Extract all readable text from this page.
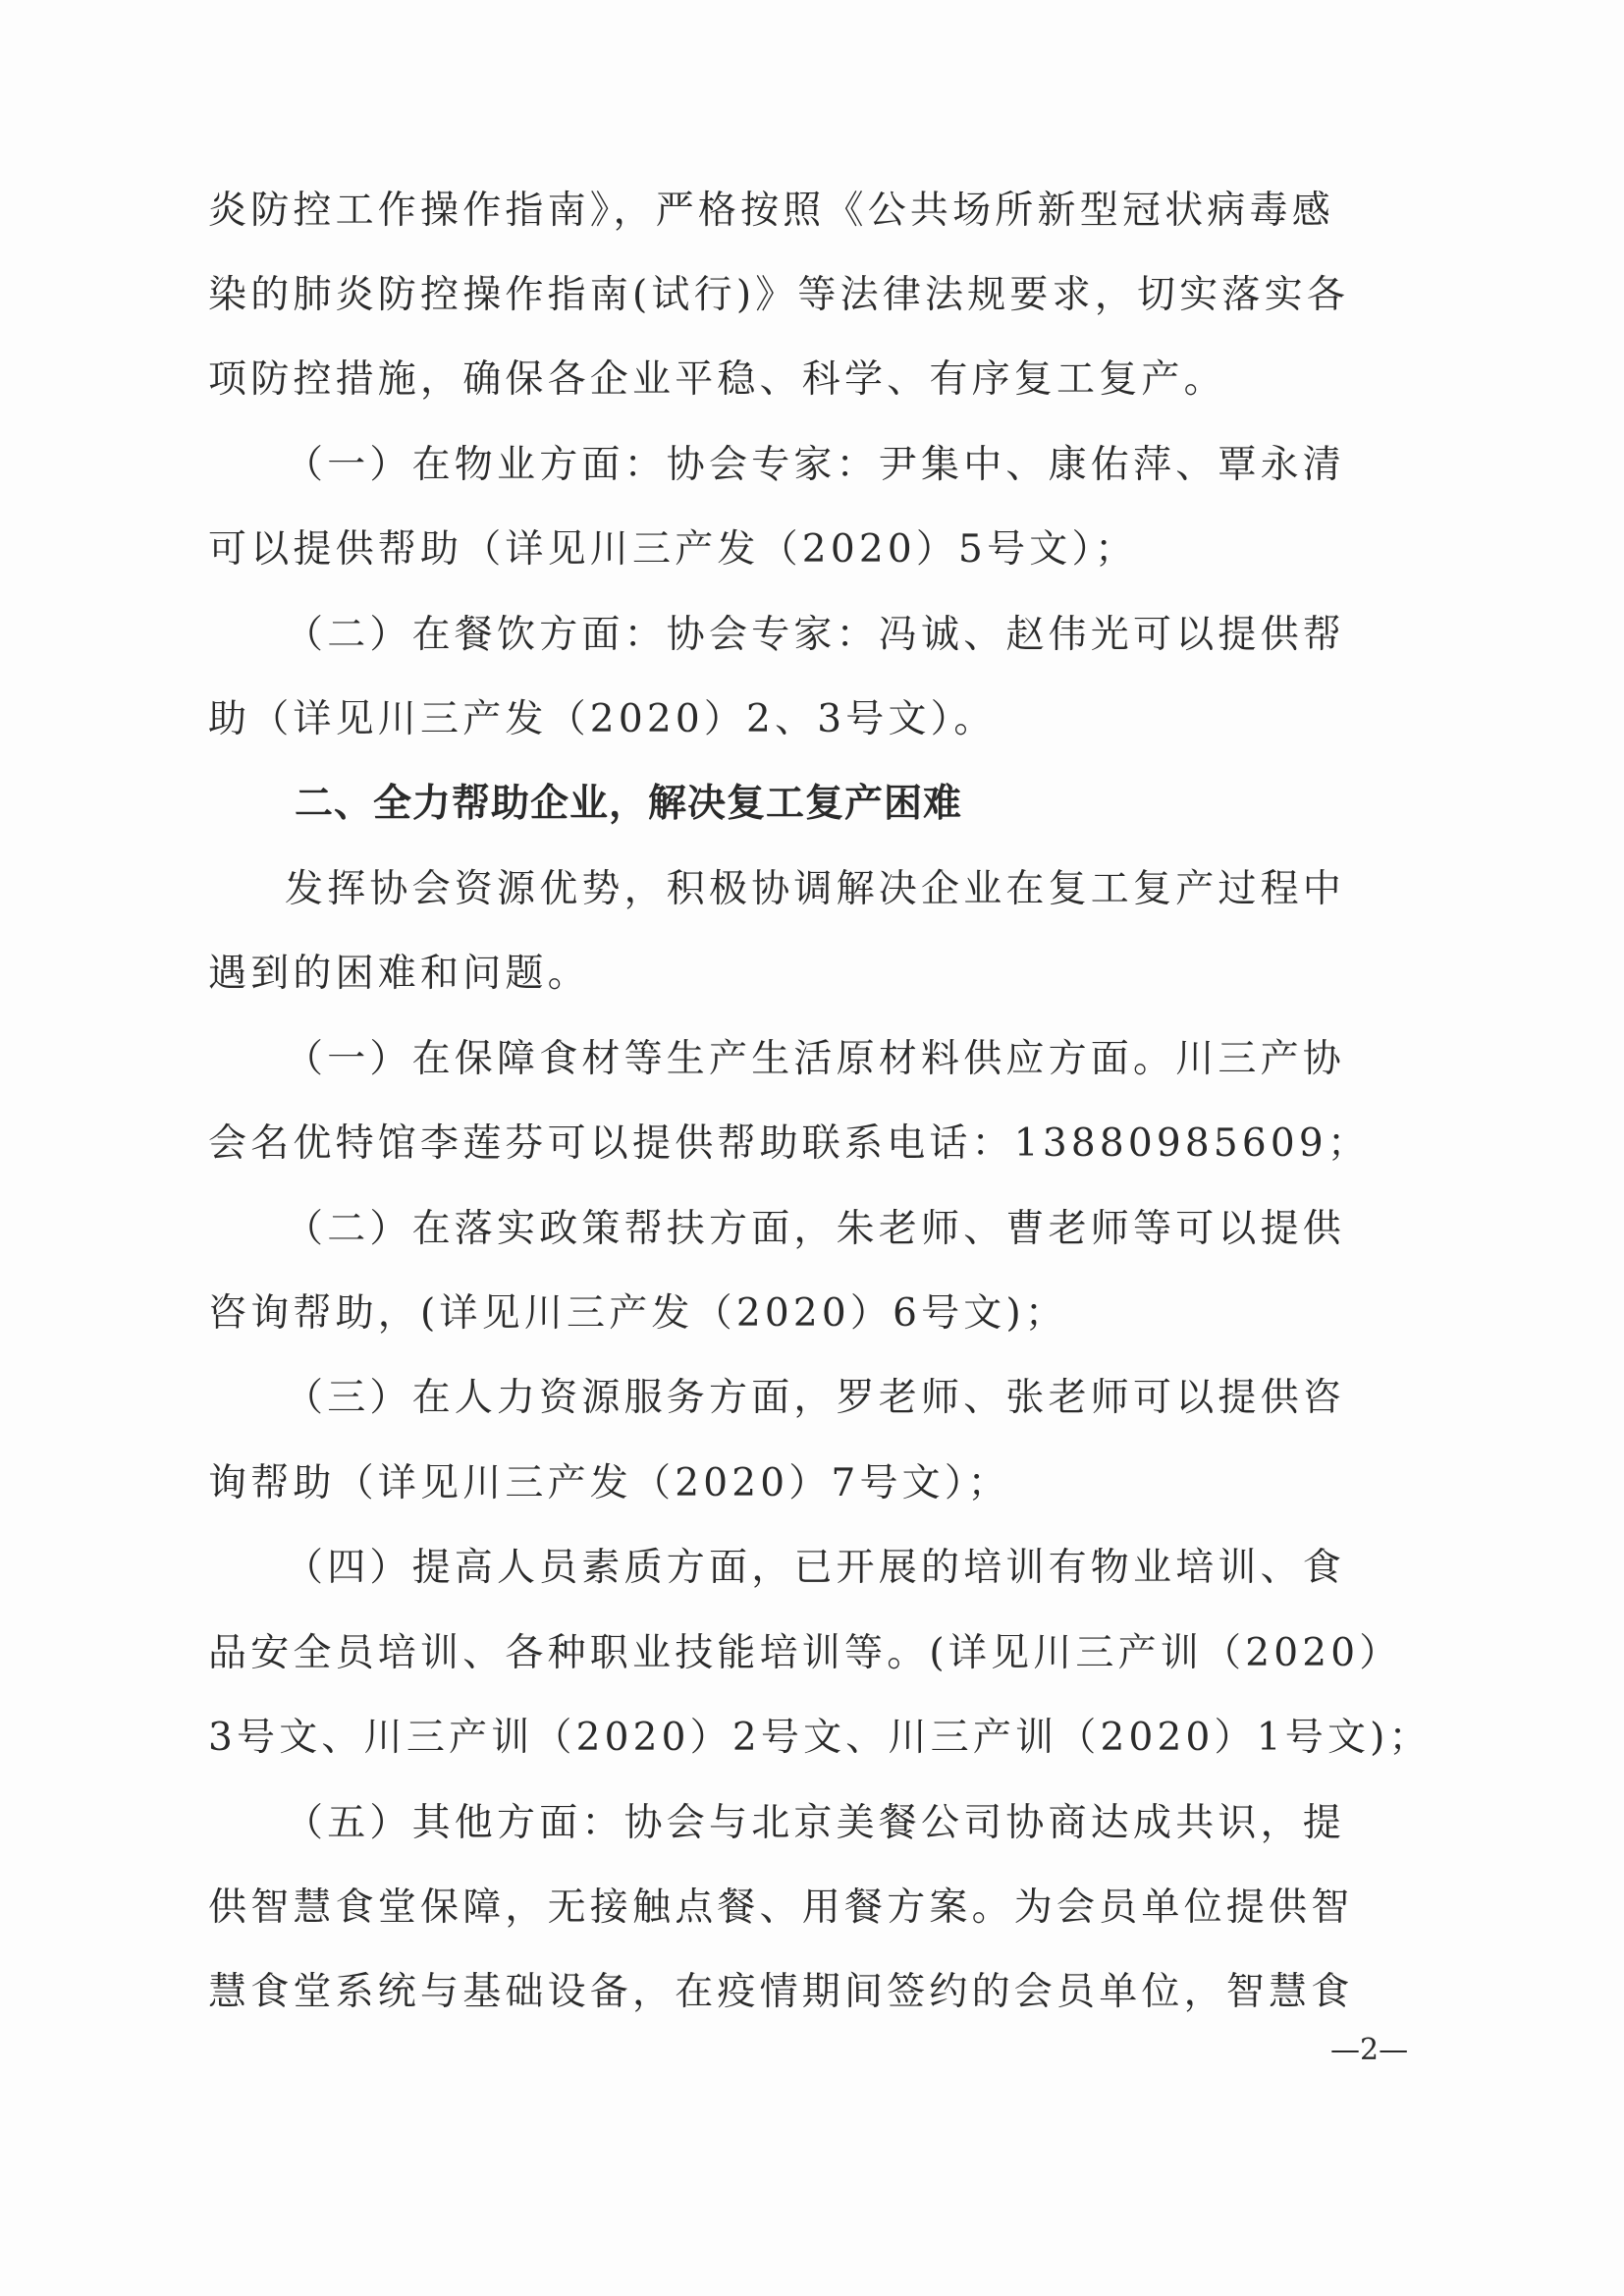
炎防控工作操作指南》，严格按照《公共场所新型冠状病毒感
染的肺炎防控操作指南(试行)》等法律法规要求，切实落实各
项防控措施，确保各企业平稳、科学、有序复工复产。
（一）在物业方面：协会专家：尹集中、康佑萍、覃永清
可以提供帮助（详见川三产发（2020）5号文）；
（二）在餐饮方面：协会专家：冯诚、赵伟光可以提供帮
助（详见川三产发（2020）2、3号文）。
二、全力帮助企业，解决复工复产困难
发挥协会资源优势，积极协调解决企业在复工复产过程中
遇到的困难和问题。
（一）在保障食材等生产生活原材料供应方面。川三产协
会名优特馆李莲芬可以提供帮助联系电话：13880985609；
（二）在落实政策帮扶方面，朱老师、曹老师等可以提供
咨询帮助，(详见川三产发（2020）6号文)；
（三）在人力资源服务方面，罗老师、张老师可以提供咨
询帮助（详见川三产发（2020）7号文）；
（四）提高人员素质方面，已开展的培训有物业培训、食
品安全员培训、各种职业技能培训等。(详见川三产训（2020）
3号文、川三产训（2020）2号文、川三产训（2020）1号文)；
（五）其他方面：协会与北京美餐公司协商达成共识，提
供智慧食堂保障，无接触点餐、用餐方案。为会员单位提供智
慧食堂系统与基础设备，在疫情期间签约的会员单位，智慧食
—2—
